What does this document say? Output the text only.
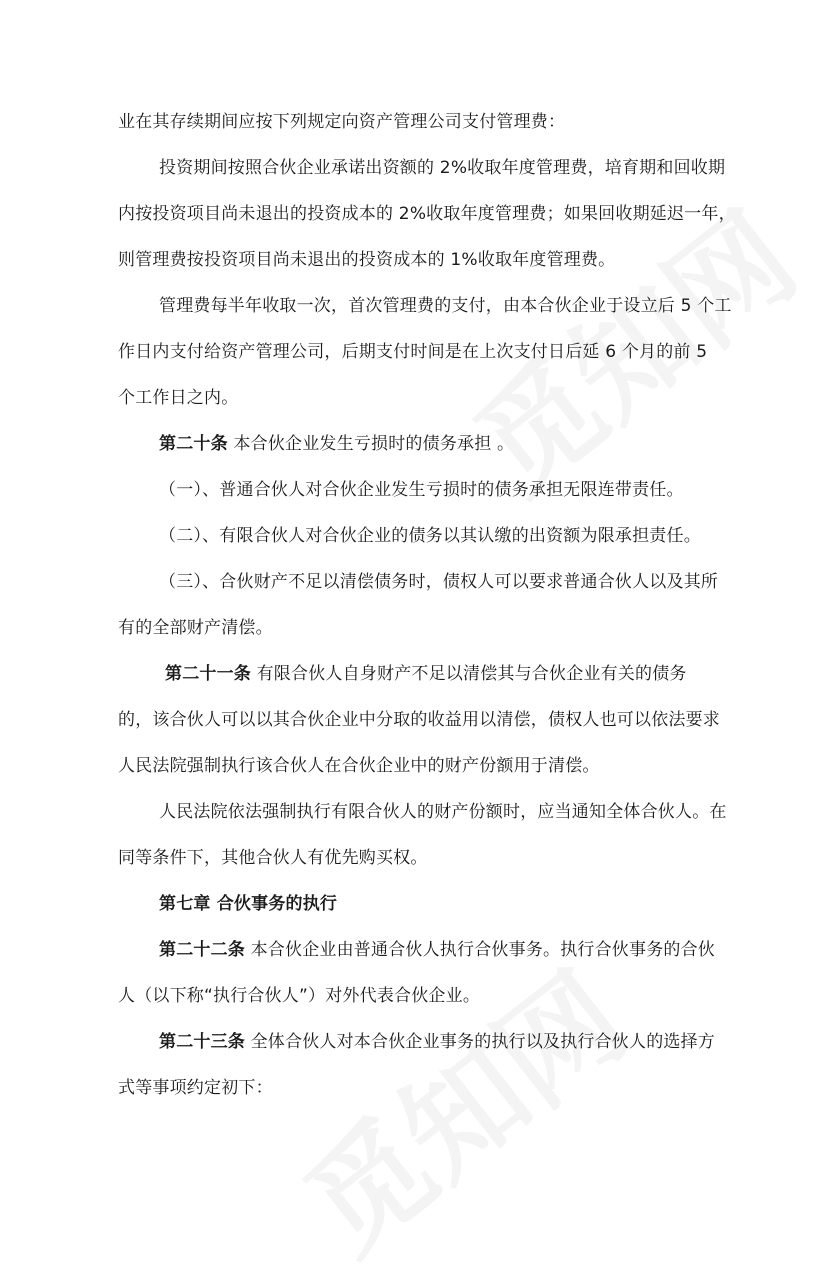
业在其存续期间应按下列规定向资产管理公司支付管理费：
投资期间按照合伙企业承诺出资额的 2%收取年度管理费，培育期和回收期
内按投资项目尚未退出的投资成本的 2%收取年度管理费；如果回收期延迟一年，
则管理费按投资项目尚未退出的投资成本的 1%收取年度管理费。
管理费每半年收取一次，首次管理费的支付，由本合伙企业于设立后 5 个工
作日内支付给资产管理公司，后期支付时间是在上次支付日后延 6 个月的前 5
个工作日之内。
第二十条 本合伙企业发生亏损时的债务承担 。
（一）、普通合伙人对合伙企业发生亏损时的债务承担无限连带责任。
（二）、有限合伙人对合伙企业的债务以其认缴的出资额为限承担责任。
（三）、合伙财产不足以清偿债务时，债权人可以要求普通合伙人以及其所
有的全部财产清偿。
第二十一条 有限合伙人自身财产不足以清偿其与合伙企业有关的债务
的，该合伙人可以以其合伙企业中分取的收益用以清偿，债权人也可以依法要求
人民法院强制执行该合伙人在合伙企业中的财产份额用于清偿。
人民法院依法强制执行有限合伙人的财产份额时，应当通知全体合伙人。在
同等条件下，其他合伙人有优先购买权。
第七章 合伙事务的执行
第二十二条 本合伙企业由普通合伙人执行合伙事务。执行合伙事务的合伙
人（以下称“执行合伙人”）对外代表合伙企业。
第二十三条 全体合伙人对本合伙企业事务的执行以及执行合伙人的选择方
式等事项约定初下：
